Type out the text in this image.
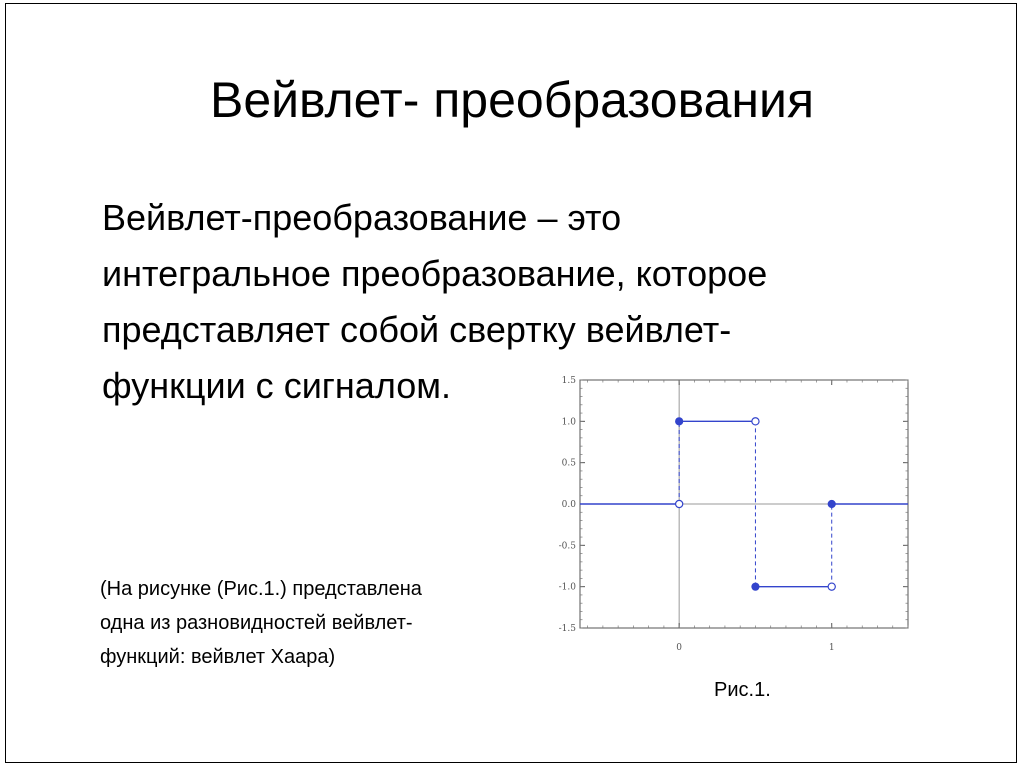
Вейвлет- преобразования
Вейвлет-преобразование – это
интегральное преобразование, которое
представляет собой свертку вейвлет-
функции с сигналом.
(На рисунке (Рис.1.) представлена
одна из разновидностей вейвлет-
функций: вейвлет Хаара)
Рис.1.
1.5
1.0
0.5
0.0
-0.5
-1.0
-1.5
0	1
